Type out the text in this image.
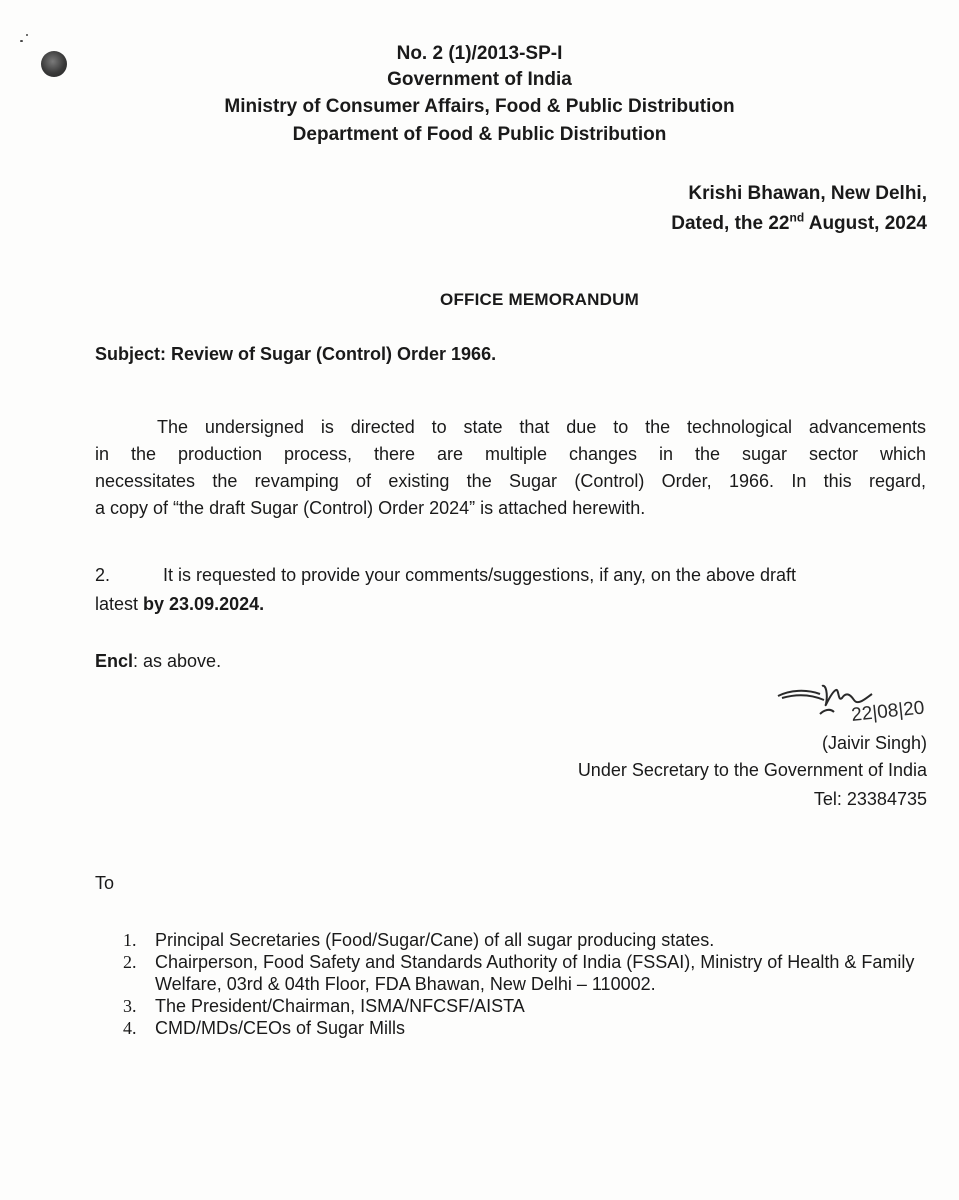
No. 2 (1)/2013-SP-I
Government of India
Ministry of Consumer Affairs, Food & Public Distribution
Department of Food & Public Distribution
Krishi Bhawan, New Delhi,
Dated, the 22nd August, 2024
OFFICE MEMORANDUM
Subject: Review of Sugar (Control) Order 1966.
The undersigned is directed to state that due to the technological advancements
in the production process, there are multiple changes in the sugar sector which
necessitates the revamping of existing the Sugar (Control) Order, 1966. In this regard,
a copy of “the draft Sugar (Control) Order 2024” is attached herewith.
2.	It is requested to provide your comments/suggestions, if any, on the above draft
latest by 23.09.2024.
Encl: as above.
22|08|20
(Jaivir Singh)
Under Secretary to the Government of India
Tel: 23384735
To
1. Principal Secretaries (Food/Sugar/Cane) of all sugar producing states.
2. Chairperson, Food Safety and Standards Authority of India (FSSAI), Ministry of Health & Family Welfare, 03rd & 04th Floor, FDA Bhawan, New Delhi – 110002.
3. The President/Chairman, ISMA/NFCSF/AISTA
4. CMD/MDs/CEOs of Sugar Mills
